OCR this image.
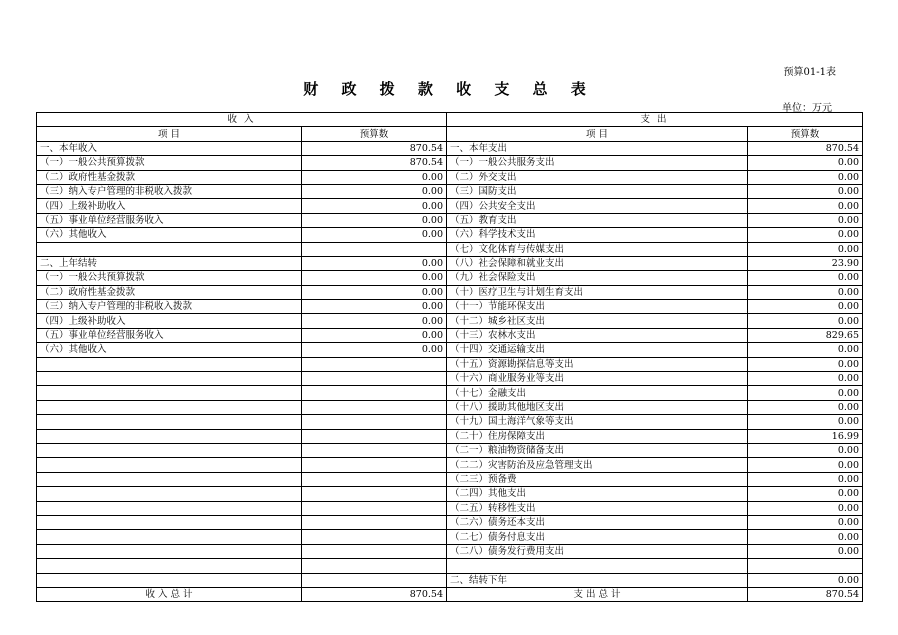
预算01-1表
财 政 拨 款 收 支 总 表
单位：万元
收 入		支 出	
项 目	预算数	项 目	预算数
一、本年收入	870.54	一、本年支出	870.54
（一）一般公共预算拨款	870.54	（一）一般公共服务支出	0.00
（二）政府性基金拨款	0.00	（二）外交支出	0.00
（三）纳入专户管理的非税收入拨款	0.00	（三）国防支出	0.00
（四）上级补助收入	0.00	（四）公共安全支出	0.00
（五）事业单位经营服务收入	0.00	（五）教育支出	0.00
（六）其他收入	0.00	（六）科学技术支出	0.00
		（七）文化体育与传媒支出	0.00
二、上年结转	0.00	（八）社会保障和就业支出	23.90
（一）一般公共预算拨款	0.00	（九）社会保险支出	0.00
（二）政府性基金拨款	0.00	（十）医疗卫生与计划生育支出	0.00
（三）纳入专户管理的非税收入拨款	0.00	（十一）节能环保支出	0.00
（四）上级补助收入	0.00	（十二）城乡社区支出	0.00
（五）事业单位经营服务收入	0.00	（十三）农林水支出	829.65
（六）其他收入	0.00	（十四）交通运输支出	0.00
		（十五）资源勘探信息等支出	0.00
		（十六）商业服务业等支出	0.00
		（十七）金融支出	0.00
		（十八）援助其他地区支出	0.00
		（十九）国土海洋气象等支出	0.00
		（二十）住房保障支出	16.99
		（二一）粮油物资储备支出	0.00
		（二二）灾害防治及应急管理支出	0.00
		（二三）预备费	0.00
		（二四）其他支出	0.00
		（二五）转移性支出	0.00
		（二六）债务还本支出	0.00
		（二七）债务付息支出	0.00
		（二八）债务发行费用支出	0.00

		二、结转下年	0.00
收 入 总 计	870.54	支 出 总 计	870.54
